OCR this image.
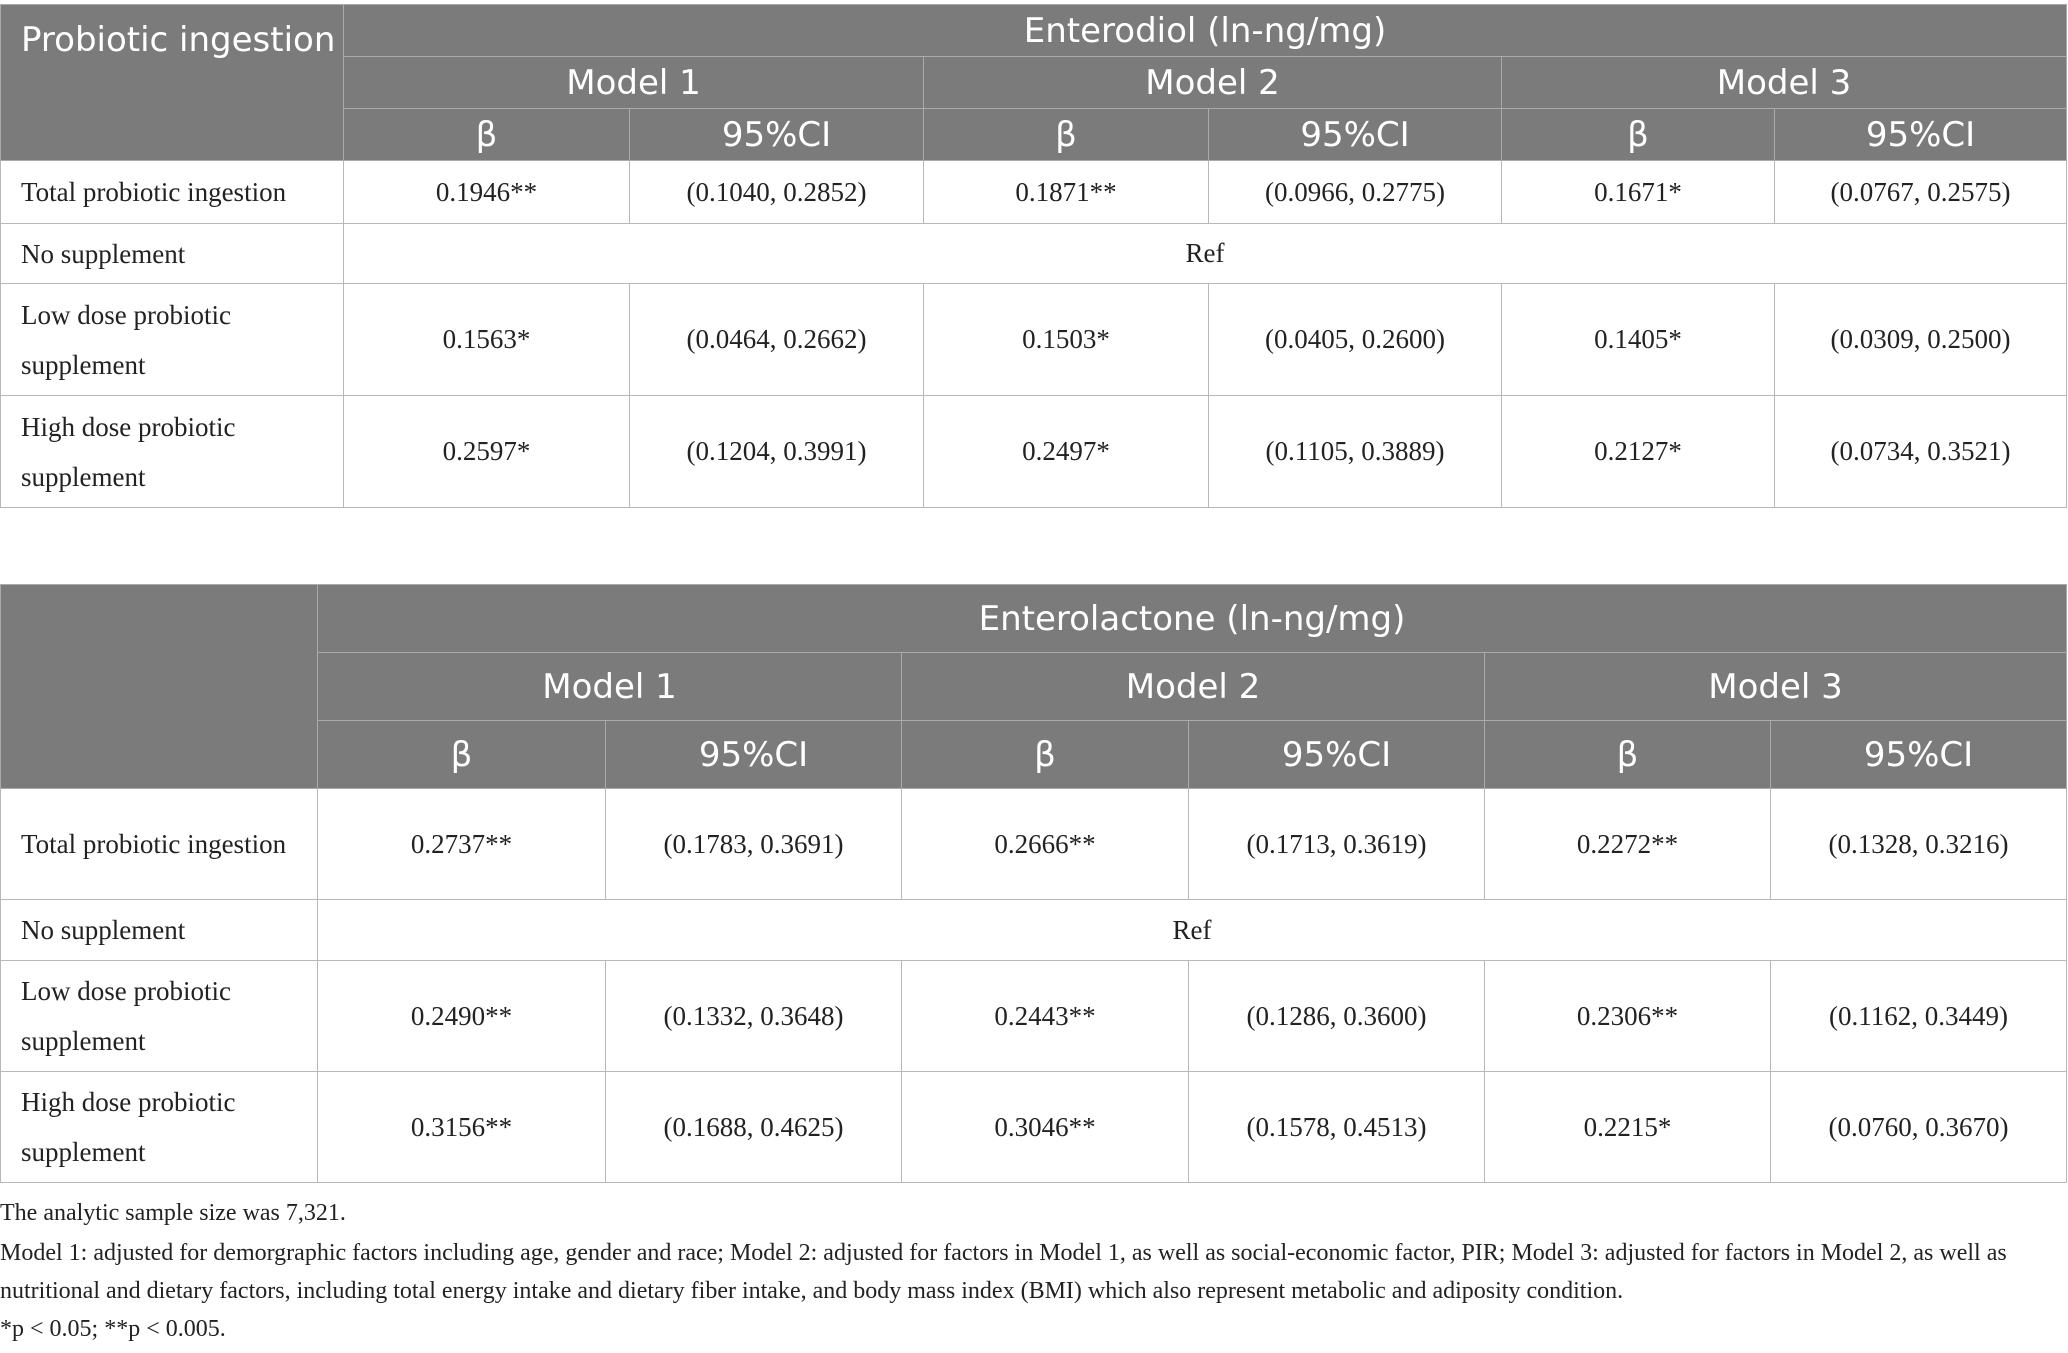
Probiotic ingestion	Enterodiol (ln-ng/mg)					
	Model 1		Model 2		Model 3	
	β	95%CI	β	95%CI	β	95%CI
Total probiotic ingestion	0.1946**	(0.1040, 0.2852)	0.1871**	(0.0966, 0.2775)	0.1671*	(0.0767, 0.2575)
No supplement	Ref					
Low dose probiotic supplement	0.1563*	(0.0464, 0.2662)	0.1503*	(0.0405, 0.2600)	0.1405*	(0.0309, 0.2500)
High dose probiotic supplement	0.2597*	(0.1204, 0.3991)	0.2497*	(0.1105, 0.3889)	0.2127*	(0.0734, 0.3521)
	Enterolactone (ln-ng/mg)					
	Model 1		Model 2		Model 3	
	β	95%CI	β	95%CI	β	95%CI
Total probiotic ingestion	0.2737**	(0.1783, 0.3691)	0.2666**	(0.1713, 0.3619)	0.2272**	(0.1328, 0.3216)
No supplement	Ref					
Low dose probiotic supplement	0.2490**	(0.1332, 0.3648)	0.2443**	(0.1286, 0.3600)	0.2306**	(0.1162, 0.3449)
High dose probiotic supplement	0.3156**	(0.1688, 0.4625)	0.3046**	(0.1578, 0.4513)	0.2215*	(0.0760, 0.3670)
The analytic sample size was 7,321.
Model 1: adjusted for demorgraphic factors including age, gender and race; Model 2: adjusted for factors in Model 1, as well as social-economic factor, PIR; Model 3: adjusted for factors in Model 2, as well as nutritional and dietary factors, including total energy intake and dietary fiber intake, and body mass index (BMI) which also represent metabolic and adiposity condition.
*p < 0.05; **p < 0.005.
